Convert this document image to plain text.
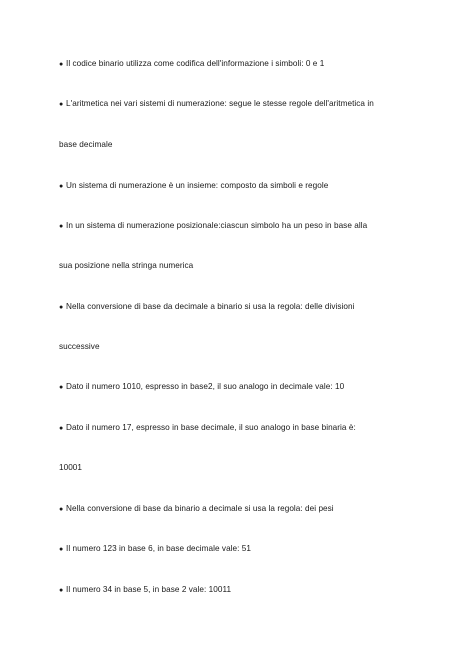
● Il codice binario utilizza come codifica dell'informazione i simboli: 0 e 1
● L'aritmetica nei vari sistemi di numerazione: segue le stesse regole dell'aritmetica in
base decimale
● Un sistema di numerazione è un insieme: composto da simboli e regole
● In un sistema di numerazione posizionale:ciascun simbolo ha un peso in base alla
sua posizione nella stringa numerica
● Nella conversione di base da decimale a binario si usa la regola: delle divisioni
successive
● Dato il numero 1010, espresso in base2, il suo analogo in decimale vale: 10
● Dato il numero 17, espresso in base decimale, il suo analogo in base binaria è:
10001
● Nella conversione di base da binario a decimale si usa la regola: dei pesi
● Il numero 123 in base 6, in base decimale vale: 51
● Il numero 34 in base 5, in base 2 vale: 10011
